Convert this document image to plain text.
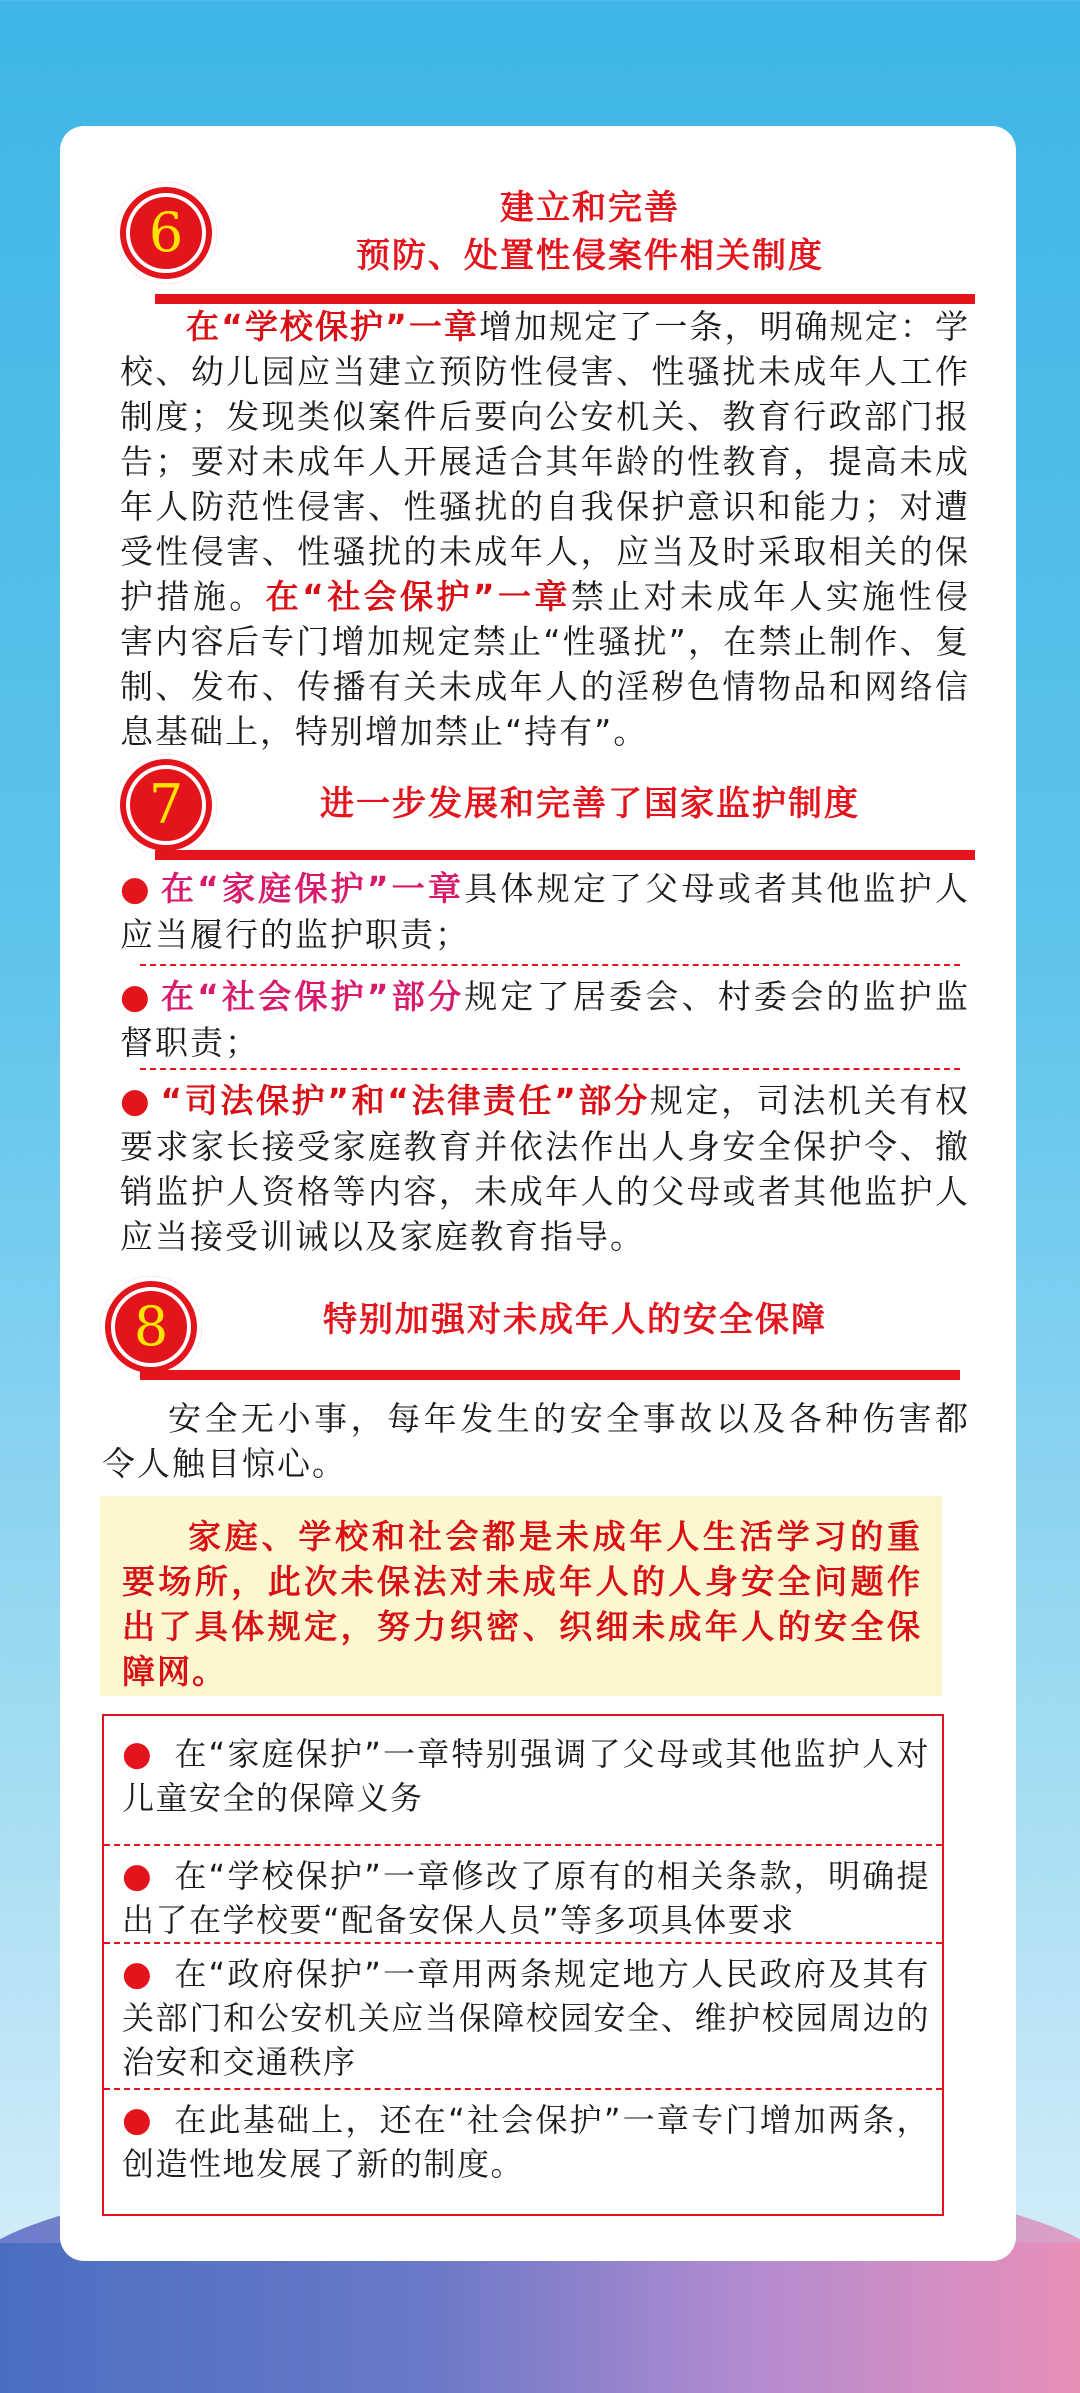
6	建立和完善
预防、处置性侵案件相关制度
在“学校保护”一章增加规定了一条，明确规定：学校、幼儿园应当建立预防性侵害、性骚扰未成年人工作制度；发现类似案件后要向公安机关、教育行政部门报告；要对未成年人开展适合其年龄的性教育，提高未成年人防范性侵害、性骚扰的自我保护意识和能力；对遭受性侵害、性骚扰的未成年人，应当及时采取相关的保护措施。在“社会保护”一章禁止对未成年人实施性侵害内容后专门增加规定禁止“性骚扰”，在禁止制作、复制、发布、传播有关未成年人的淫秽色情物品和网络信息基础上，特别增加禁止“持有”。
7	进一步发展和完善了国家监护制度
● 在“家庭保护”一章具体规定了父母或者其他监护人应当履行的监护职责；
● 在“社会保护”部分规定了居委会、村委会的监护监督职责；
● “司法保护”和“法律责任”部分规定，司法机关有权要求家长接受家庭教育并依法作出人身安全保护令、撤销监护人资格等内容，未成年人的父母或者其他监护人应当接受训诫以及家庭教育指导。
8	特别加强对未成年人的安全保障
安全无小事，每年发生的安全事故以及各种伤害都令人触目惊心。
家庭、学校和社会都是未成年人生活学习的重要场所，此次未保法对未成年人的人身安全问题作出了具体规定，努力织密、织细未成年人的安全保障网。
● 在“家庭保护”一章特别强调了父母或其他监护人对儿童安全的保障义务
● 在“学校保护”一章修改了原有的相关条款，明确提出了在学校要“配备安保人员”等多项具体要求
● 在“政府保护”一章用两条规定地方人民政府及其有关部门和公安机关应当保障校园安全、维护校园周边的治安和交通秩序
● 在此基础上，还在“社会保护”一章专门增加两条，创造性地发展了新的制度。
